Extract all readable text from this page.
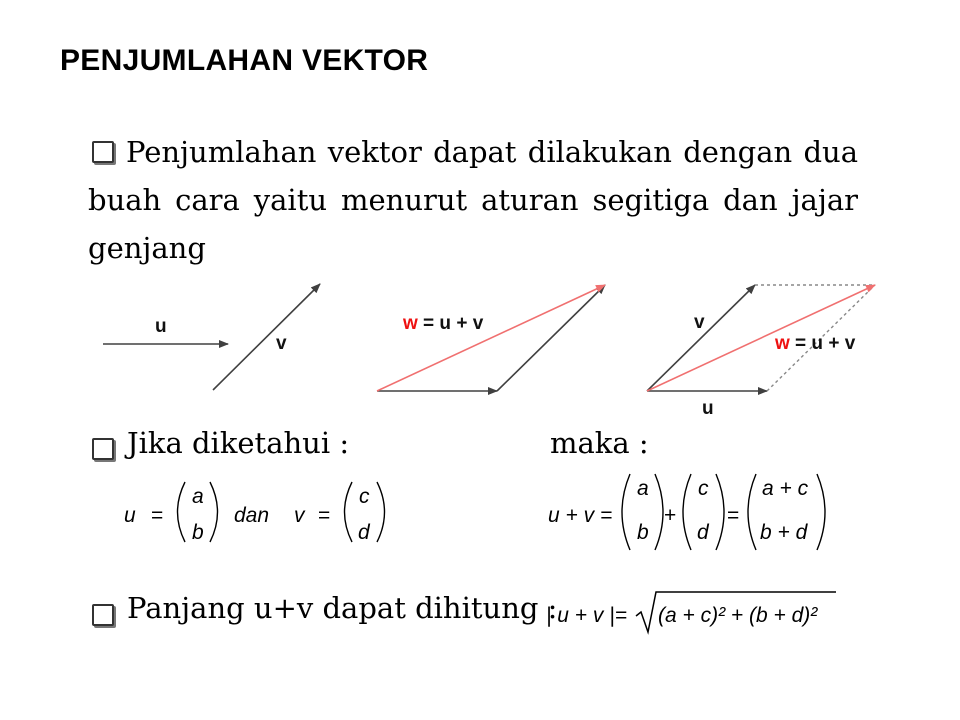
PENJUMLAHAN VEKTOR
Penjumlahan vektor dapat dilakukan dengan dua buah cara yaitu menurut aturan segitiga dan jajar genjang
u
v
w = u + v	v
w = u + v
u
Jika diketahui :	maka :
u =
a
b
dan v =
c
d
u + v =
a
b
+
c
d
=
a + c
b + d
Panjang u+v dapat dihitung :
| u + v |= (a + c)² + (b + d)²
